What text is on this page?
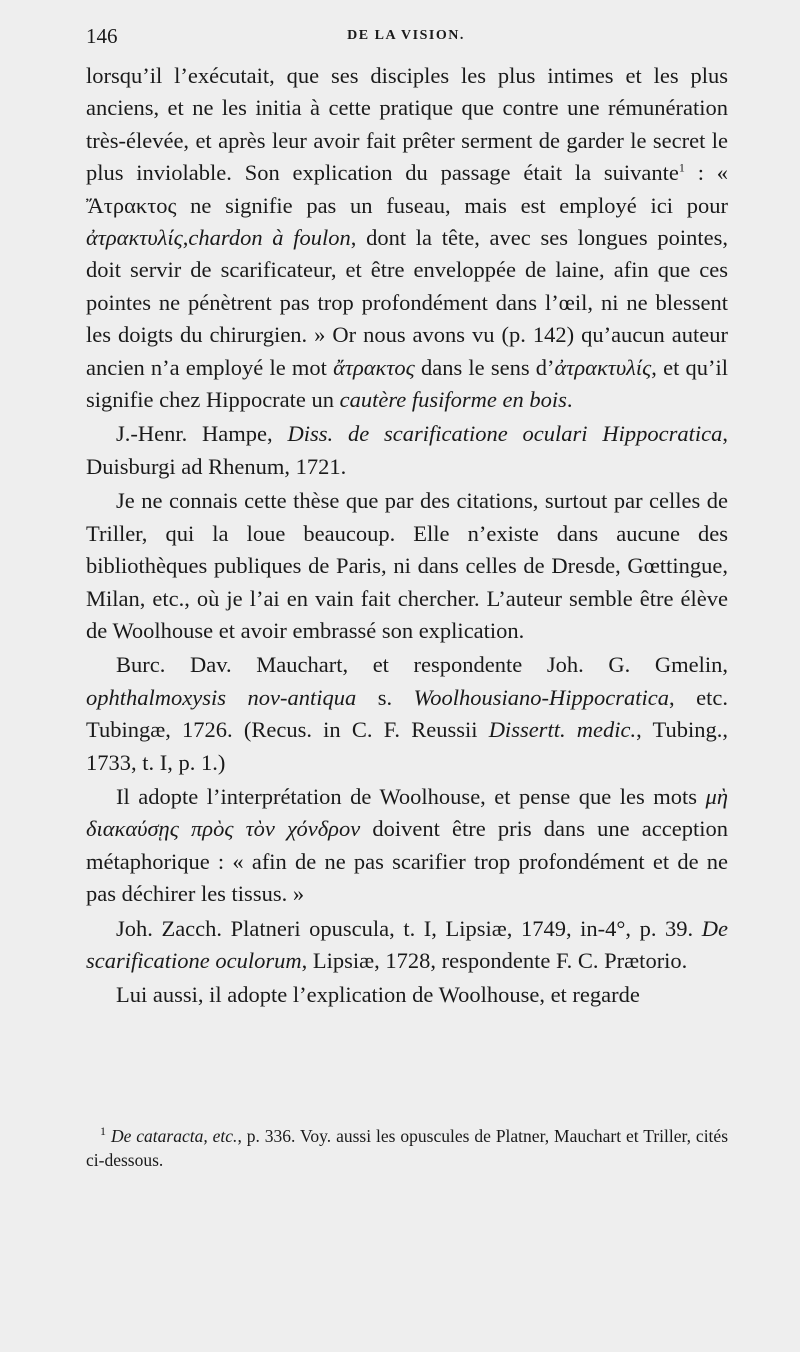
146	DE LA VISION.

lorsqu’il l’exécutait, que ses disciples les plus intimes et les plus anciens, et ne les initia à cette pratique que contre une rémunération très-élevée, et après leur avoir fait prêter serment de garder le secret le plus inviolable. Son explication du passage était la suivante$^1$ : « Ἄτρακτος ne signifie pas un fuseau, mais est employé ici pour ἀτρακτυλίς,chardon à foulon, dont la tête, avec ses longues pointes, doit servir de scarificateur, et être enveloppée de laine, afin que ces pointes ne pénètrent pas trop profondément dans l’œil, ni ne blessent les doigts du chirurgien. » Or nous avons vu (p. 142) qu’aucun auteur ancien n’a employé le mot ἄτρακτος dans le sens d’ἀτρακτυλίς, et qu’il signifie chez Hippocrate un cautère fusiforme en bois.

J.-Henr. Hampe, Diss. de scarificatione oculari Hippocratica, Duisburgi ad Rhenum, 1721.

Je ne connais cette thèse que par des citations, surtout par celles de Triller, qui la loue beaucoup. Elle n’existe dans aucune des bibliothèques publiques de Paris, ni dans celles de Dresde, Gœttingue, Milan, etc., où je l’ai en vain fait chercher. L’auteur semble être élève de Woolhouse et avoir embrassé son explication.

Burc. Dav. Mauchart, et respondente Joh. G. Gmelin, ophthalmoxysis nov-antiqua s. Woolhousiano-Hippocratica, etc. Tubingæ, 1726. (Recus. in C. F. Reussii Dissertt. medic., Tubing., 1733, t. I, p. 1.)

Il adopte l’interprétation de Woolhouse, et pense que les mots μὴ διακαύσῃς πρὸς τὸν χόνδρον doivent être pris dans une acception métaphorique : « afin de ne pas scarifier trop profondément et de ne pas déchirer les tissus. »

Joh. Zacch. Platneri opuscula, t. I, Lipsiæ, 1749, in-4°, p. 39. De scarificatione oculorum, Lipsiæ, 1728, respondente F. C. Prætorio.

Lui aussi, il adopte l’explication de Woolhouse, et regarde

$^1$ De cataracta, etc., p. 336. Voy. aussi les opuscules de Platner, Mauchart et Triller, cités ci-dessous.
